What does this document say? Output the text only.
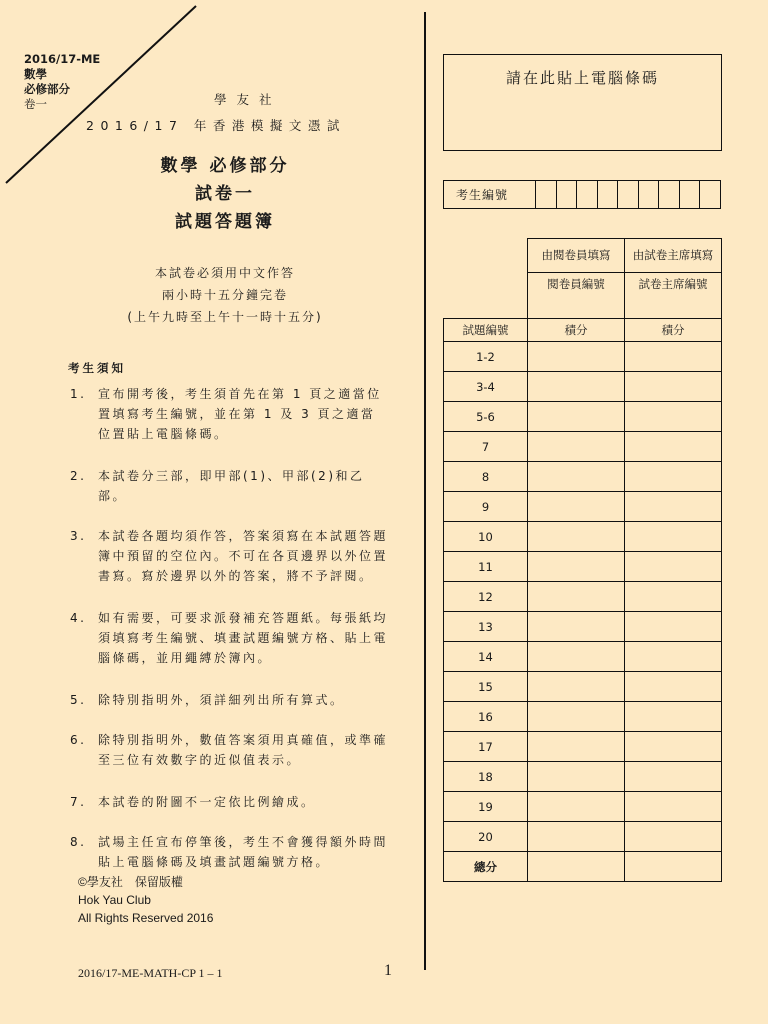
2016/17-ME
數學
必修部分
卷一	學友社
2016/17 年香港模擬文憑試
數學 必修部分
試卷一
試題答題簿
本試卷必須用中文作答
兩小時十五分鐘完卷
(上午九時至上午十一時十五分)
考生須知
1. 宣布開考後，考生須首先在第 1 頁之適當位置填寫考生編號，並在第 1 及 3 頁之適當位置貼上電腦條碼。
2. 本試卷分三部，即甲部(1)、甲部(2)和乙部。
3. 本試卷各題均須作答，答案須寫在本試題答題簿中預留的空位內。不可在各頁邊界以外位置書寫。寫於邊界以外的答案，將不予評閱。
4. 如有需要，可要求派發補充答題紙。每張紙均須填寫考生編號、填畫試題編號方格、貼上電腦條碼，並用繩縛於簿內。
5. 除特別指明外，須詳細列出所有算式。
6. 除特別指明外，數值答案須用真確值，或準確至三位有效數字的近似值表示。
7. 本試卷的附圖不一定依比例繪成。
8. 試場主任宣布停筆後，考生不會獲得額外時間貼上電腦條碼及填畫試題編號方格。
©學友社　保留版權
Hok Yau Club
All Rights Reserved 2016
2016/17-ME-MATH-CP 1 – 1	1
請在此貼上電腦條碼
考生編號									
	由閱卷員填寫	由試卷主席填寫
	閱卷員編號	試卷主席編號
試題編號	積分	積分
1-2		
3-4		
5-6		
7		
8		
9		
10		
11		
12		
13		
14		
15		
16		
17		
18		
19		
20		
總分		
